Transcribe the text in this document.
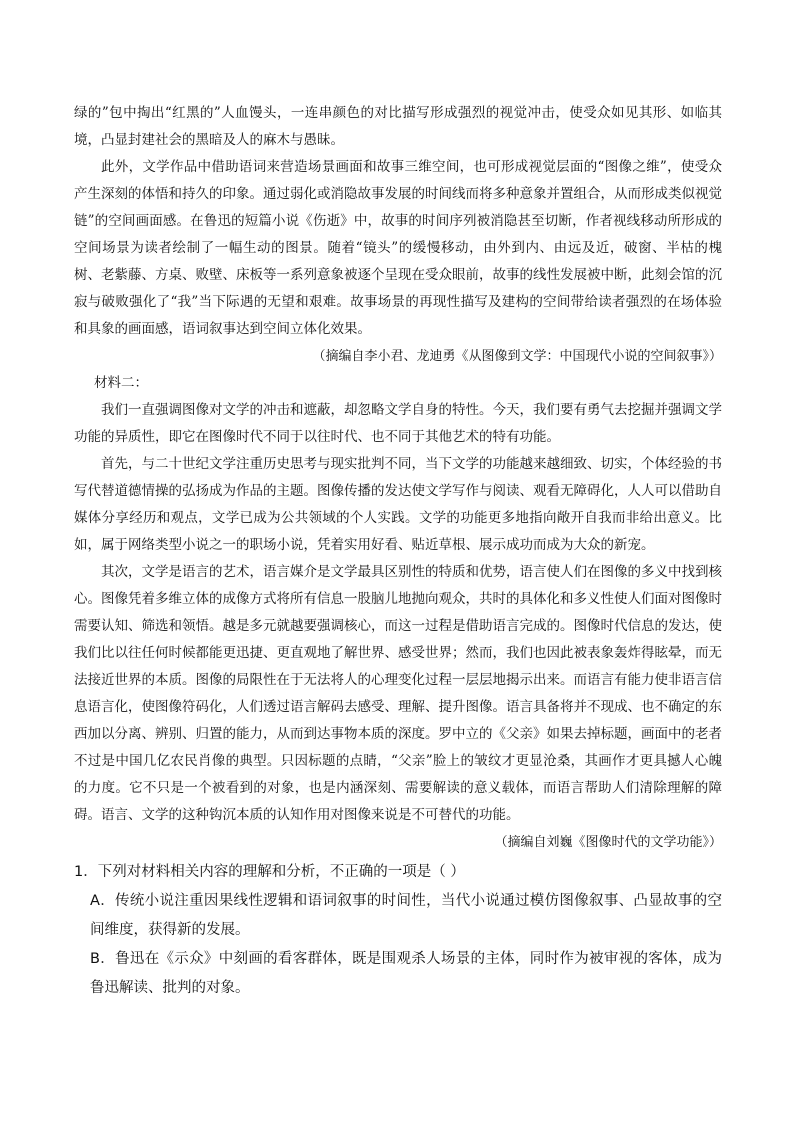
绿的”包中掏出“红黑的”人血馒头，一连串颜色的对比描写形成强烈的视觉冲击，使受众如见其形、如临其境，凸显封建社会的黑暗及人的麻木与愚昧。

此外，文学作品中借助语词来营造场景画面和故事三维空间，也可形成视觉层面的“图像之维”，使受众产生深刻的体悟和持久的印象。通过弱化或消隐故事发展的时间线而将多种意象并置组合，从而形成类似视觉链”的空间画面感。在鲁迅的短篇小说《伤逝》中，故事的时间序列被消隐甚至切断，作者视线移动所形成的空间场景为读者绘制了一幅生动的图景。随着“镜头”的缓慢移动，由外到内、由远及近，破窗、半枯的槐树、老紫藤、方桌、败壁、床板等一系列意象被逐个呈现在受众眼前，故事的线性发展被中断，此刻会馆的沉寂与破败强化了“我”当下际遇的无望和艰难。故事场景的再现性描写及建构的空间带给读者强烈的在场体验和具象的画面感，语词叙事达到空间立体化效果。

（摘编自李小君、龙迪勇《从图像到文学：中国现代小说的空间叙事》）

材料二：

我们一直强调图像对文学的冲击和遮蔽，却忽略文学自身的特性。今天，我们要有勇气去挖掘并强调文学功能的异质性，即它在图像时代不同于以往时代、也不同于其他艺术的特有功能。

首先，与二十世纪文学注重历史思考与现实批判不同，当下文学的功能越来越细致、切实，个体经验的书写代替道德情操的弘扬成为作品的主题。图像传播的发达使文学写作与阅读、观看无障碍化，人人可以借助自媒体分享经历和观点，文学已成为公共领域的个人实践。文学的功能更多地指向敞开自我而非给出意义。比如，属于网络类型小说之一的职场小说，凭着实用好看、贴近草根、展示成功而成为大众的新宠。

其次，文学是语言的艺术，语言媒介是文学最具区别性的特质和优势，语言使人们在图像的多义中找到核心。图像凭着多维立体的成像方式将所有信息一股脑儿地抛向观众，共时的具体化和多义性使人们面对图像时需要认知、筛选和领悟。越是多元就越要强调核心，而这一过程是借助语言完成的。图像时代信息的发达，使我们比以往任何时候都能更迅捷、更直观地了解世界、感受世界；然而，我们也因此被表象轰炸得眩晕，而无法接近世界的本质。图像的局限性在于无法将人的心理变化过程一层层地揭示出来。而语言有能力使非语言信息语言化，使图像符码化，人们透过语言解码去感受、理解、提升图像。语言具备将并不现成、也不确定的东西加以分离、辨别、归置的能力，从而到达事物本质的深度。罗中立的《父亲》如果去掉标题，画面中的老者不过是中国几亿农民肖像的典型。只因标题的点睛，“父亲”脸上的皱纹才更显沧桑，其画作才更具撼人心魄的力度。它不只是一个被看到的对象，也是内涵深刻、需要解读的意义载体，而语言帮助人们清除理解的障碍。语言、文学的这种钩沉本质的认知作用对图像来说是不可替代的功能。

（摘编自刘巍《图像时代的文学功能》）

1．下列对材料相关内容的理解和分析，不正确的一项是（ ）

A．传统小说注重因果线性逻辑和语词叙事的时间性，当代小说通过模仿图像叙事、凸显故事的空间维度，获得新的发展。

B．鲁迅在《示众》中刻画的看客群体，既是围观杀人场景的主体，同时作为被审视的客体，成为鲁迅解读、批判的对象。
